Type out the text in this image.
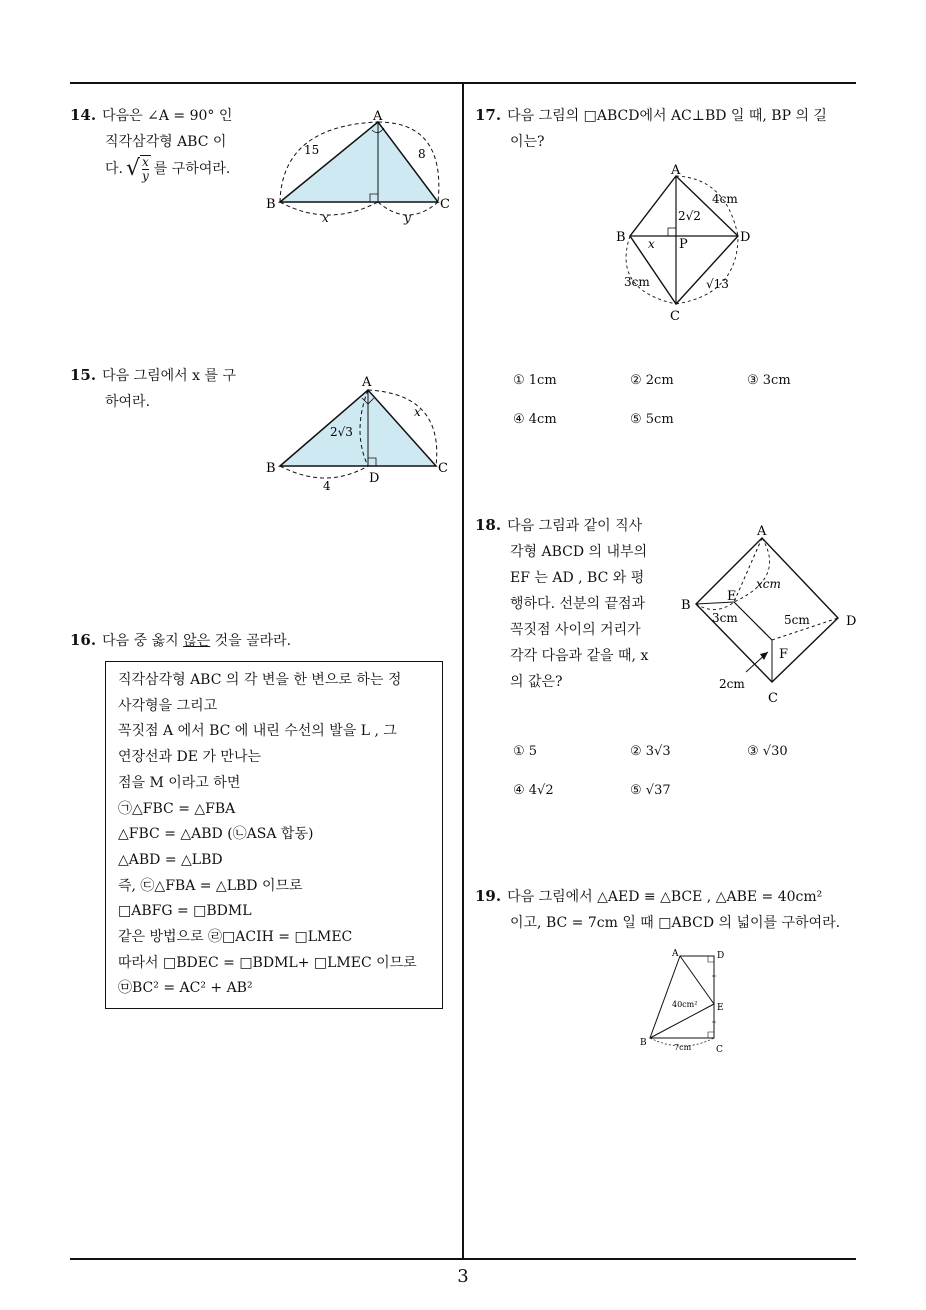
14. 다음은 ∠A = 90° 인
직각삼각형 ABC 이
다. √ x
y 를 구하여라.
A
B	C
15	8
x	y
15. 다음 그림에서 x 를 구
하여라.
A
B	C
D
2√3
x
4
16. 다음 중 옳지 않은 것을 골라라.
직각삼각형 ABC 의 각 변을 한 변으로 하는 정
사각형을 그리고
꼭짓점 A 에서 BC 에 내린 수선의 발을 L , 그
연장선과 DE 가 만나는
점을 M 이라고 하면
㉠△FBC = △FBA
△FBC = △ABD (㉡ASA 합동)
△ABD = △LBD
즉, ㉢△FBA = △LBD 이므로
□ABFG = □BDML
같은 방법으로 ㉣□ACIH = □LMEC
따라서 □BDEC = □BDML+ □LMEC 이므로
㉤BC² = AC² + AB²
17. 다음 그림의 □ABCD에서 AC⊥BD 일 때, BP 의 길
이는?
A
B
C
D
P
4cm
2√2
x
3cm	√13
① 1cm	② 2cm	③ 3cm
④ 4cm	⑤ 5cm
18. 다음 그림과 같이 직사
각형 ABCD 의 내부의
EF 는 AD , BC 와 평
행하다. 선분의 끝점과
꼭짓점 사이의 거리가
각각 다음과 같을 때, x
의 값은?
A
B
C
D
E
F
xcm
3cm	5cm
2cm
① 5	② 3√3	③ √30
④ 4√2	⑤ √37
19. 다음 그림에서 △AED ≡ △BCE , △ABE = 40cm²
이고, BC = 7cm 일 때 □ABCD 의 넓이를 구하여라.
A	D
E
B
C
40cm²
7cm
3
